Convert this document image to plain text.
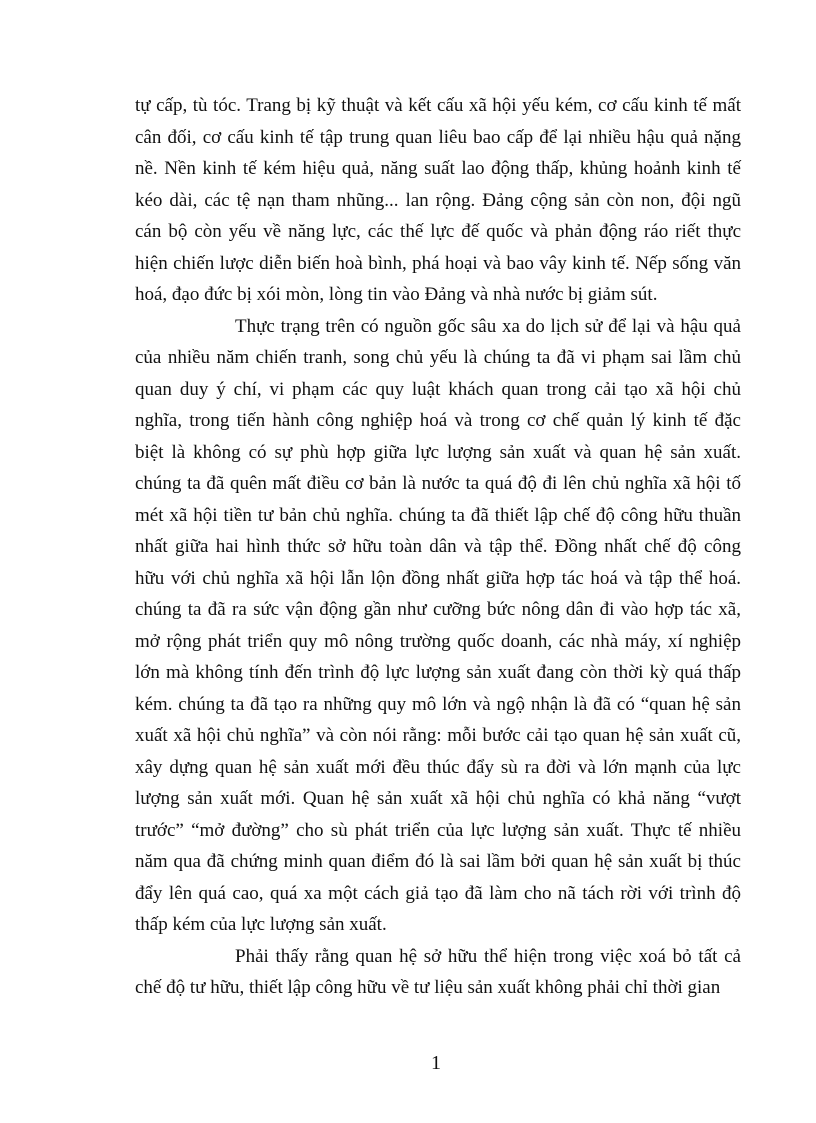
tự cấp, tù tóc. Trang bị kỹ thuật và kết cấu xã hội yếu kém, cơ cấu kinh tế mất
cân đối, cơ cấu kinh tế tập trung quan liêu bao cấp để lại nhiều hậu quả nặng
nề. Nền kinh tế kém hiệu quả, năng suất lao động thấp, khủng hoảnh kinh tế
kéo dài, các tệ nạn tham nhũng... lan rộng. Đảng cộng sản còn non, đội ngũ
cán bộ còn yếu về năng lực, các thế lực đế quốc và phản động ráo riết thực
hiện chiến lược diễn biến hoà bình, phá hoại và bao vây kinh tế. Nếp sống văn
hoá, đạo đức bị xói mòn, lòng tin vào Đảng và nhà nước bị giảm sút.

Thực trạng trên có nguồn gốc sâu xa do lịch sử để lại và hậu quả
của nhiều năm chiến tranh, song chủ yếu là chúng ta đã vi phạm sai lầm chủ
quan duy ý chí, vi phạm các quy luật khách quan trong cải tạo xã hội chủ
nghĩa, trong tiến hành công nghiệp hoá và trong cơ chế quản lý kinh tế đặc
biệt là không có sự phù hợp giữa lực lượng sản xuất và quan hệ sản xuất.
chúng ta đã quên mất điều cơ bản là nước ta quá độ đi lên chủ nghĩa xã hội tố
mét xã hội tiền tư bản chủ nghĩa. chúng ta đã thiết lập chế độ công hữu thuần
nhất giữa hai hình thức sở hữu toàn dân và tập thể. Đồng nhất chế độ công
hữu với chủ nghĩa xã hội lẫn lộn đồng nhất giữa hợp tác hoá và tập thể hoá.
chúng ta đã ra sức vận động gần như cưỡng bức nông dân đi vào hợp tác xã,
mở rộng phát triển quy mô nông trường quốc doanh, các nhà máy, xí nghiệp
lớn mà không tính đến trình độ lực lượng sản xuất đang còn thời kỳ quá thấp
kém. chúng ta đã tạo ra những quy mô lớn và ngộ nhận là đã có “quan hệ sản
xuất xã hội chủ nghĩa” và còn nói rằng: mỗi bước cải tạo quan hệ sản xuất cũ,
xây dựng quan hệ sản xuất mới đều thúc đẩy sù ra đời và lớn mạnh của lực
lượng sản xuất mới. Quan hệ sản xuất xã hội chủ nghĩa có khả năng “vượt
trước” “mở đường” cho sù phát triển của lực lượng sản xuất. Thực tế nhiều
năm qua đã chứng minh quan điểm đó là sai lầm bởi quan hệ sản xuất bị thúc
đẩy lên quá cao, quá xa một cách giả tạo đã làm cho nã tách rời với trình độ
thấp kém của lực lượng sản xuất.

Phải thấy rằng quan hệ sở hữu thể hiện trong việc xoá bỏ tất cả
chế độ tư hữu, thiết lập công hữu về tư liệu sản xuất không phải chỉ thời gian

1
